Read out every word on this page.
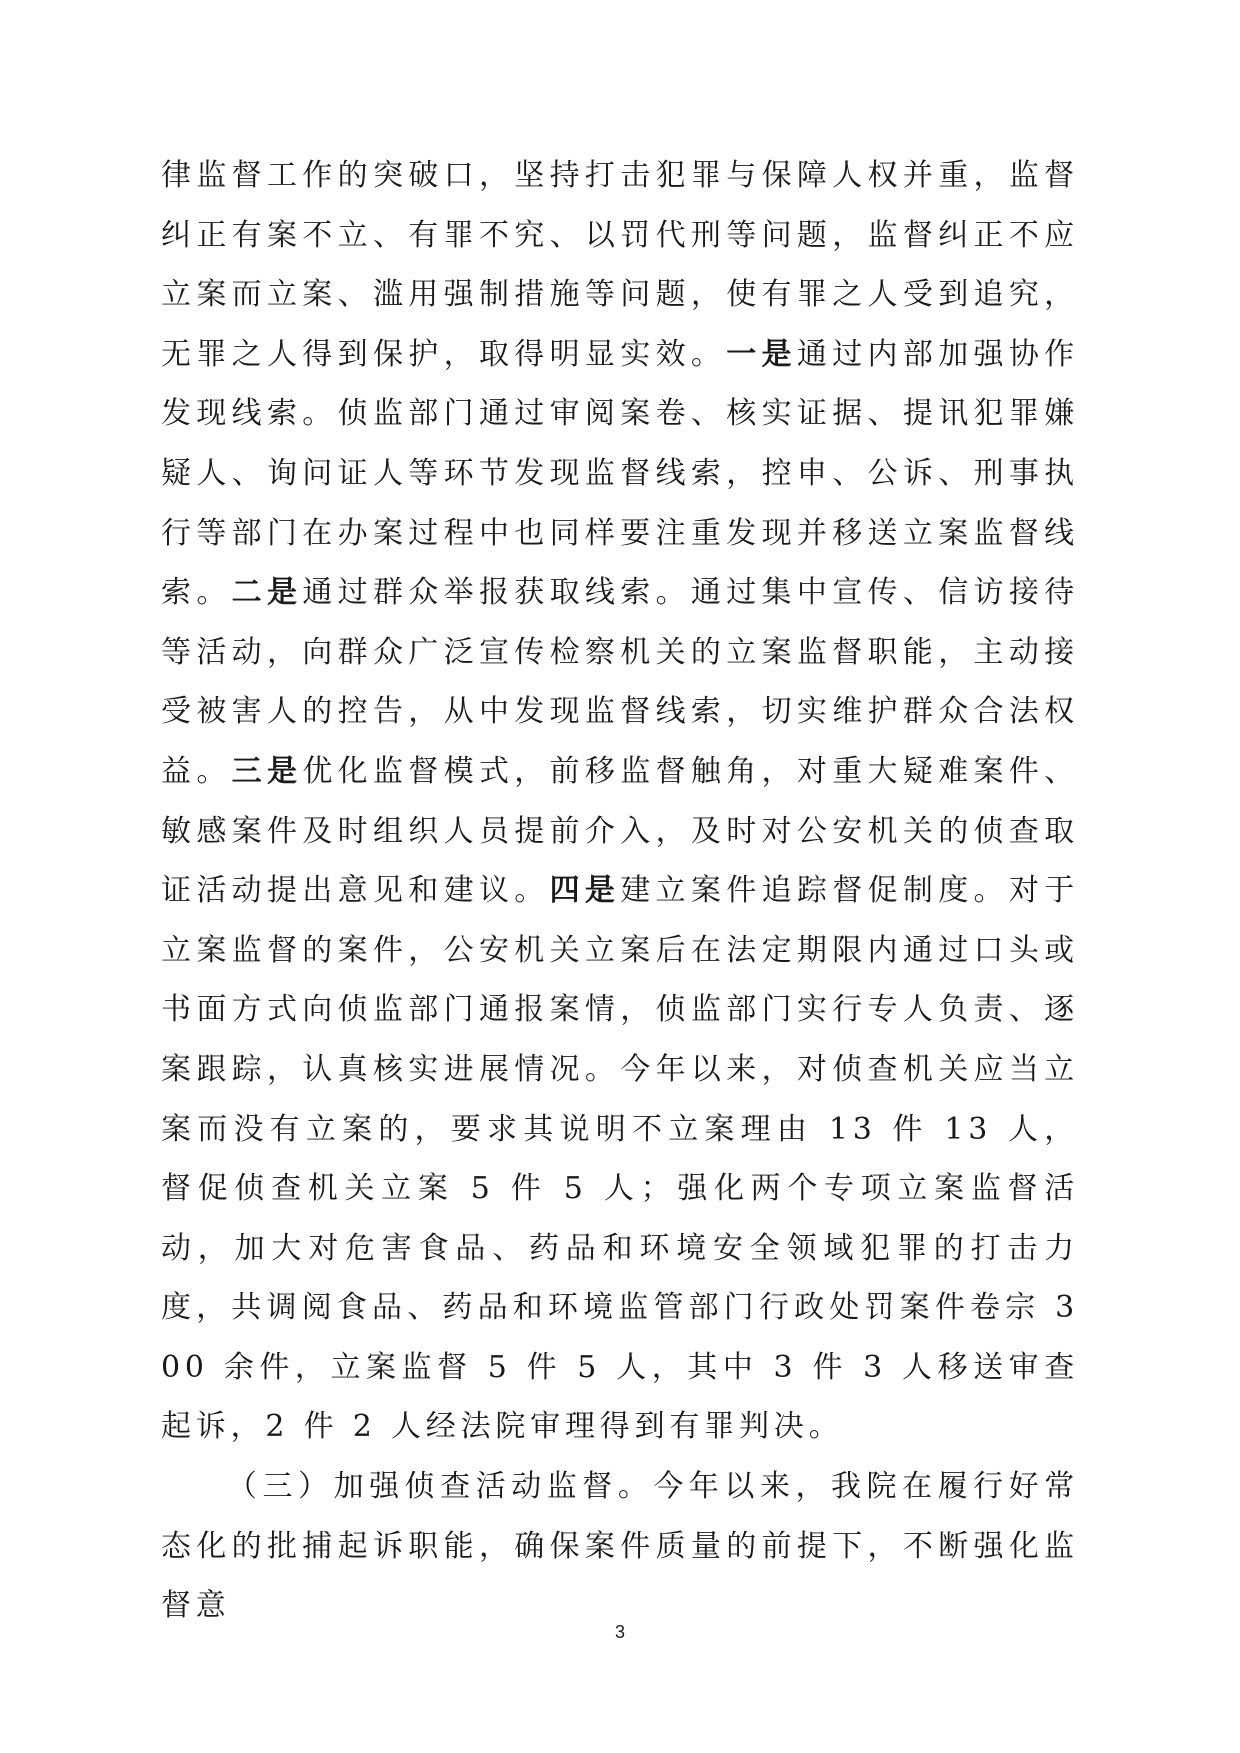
律监督工作的突破口，坚持打击犯罪与保障人权并重，监督纠正有案不立、有罪不究、以罚代刑等问题，监督纠正不应立案而立案、滥用强制措施等问题，使有罪之人受到追究，无罪之人得到保护，取得明显实效。一是通过内部加强协作发现线索。侦监部门通过审阅案卷、核实证据、提讯犯罪嫌疑人、询问证人等环节发现监督线索，控申、公诉、刑事执行等部门在办案过程中也同样要注重发现并移送立案监督线索。二是通过群众举报获取线索。通过集中宣传、信访接待等活动，向群众广泛宣传检察机关的立案监督职能，主动接受被害人的控告，从中发现监督线索，切实维护群众合法权益。三是优化监督模式，前移监督触角，对重大疑难案件、敏感案件及时组织人员提前介入，及时对公安机关的侦查取证活动提出意见和建议。四是建立案件追踪督促制度。对于立案监督的案件，公安机关立案后在法定期限内通过口头或书面方式向侦监部门通报案情，侦监部门实行专人负责、逐案跟踪，认真核实进展情况。今年以来，对侦查机关应当立案而没有立案的，要求其说明不立案理由 13 件 13 人，督促侦查机关立案 5 件 5 人；强化两个专项立案监督活动，加大对危害食品、药品和环境安全领域犯罪的打击力度，共调阅食品、药品和环境监管部门行政处罚案件卷宗 300 余件，立案监督 5 件 5 人，其中 3 件 3 人移送审查起诉，2 件 2 人经法院审理得到有罪判决。

（三）加强侦查活动监督。今年以来，我院在履行好常态化的批捕起诉职能，确保案件质量的前提下，不断强化监督意

3
